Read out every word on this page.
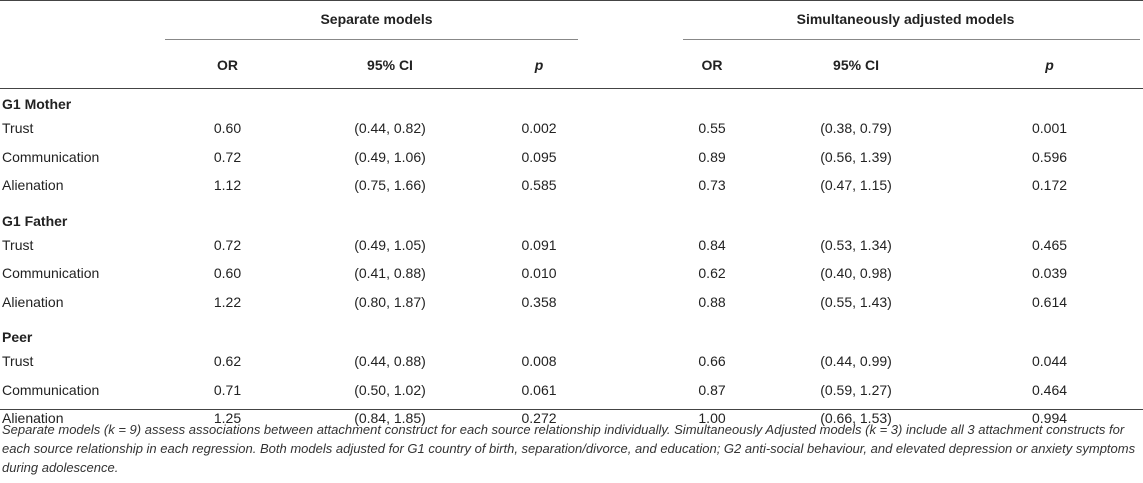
	Separate models				Simultaneously adjusted models		

	OR	95% CI	p		OR	95% CI	p
G1 Mother							
Trust	0.60	(0.44, 0.82)	0.002		0.55	(0.38, 0.79)	0.001
Communication	0.72	(0.49, 1.06)	0.095		0.89	(0.56, 1.39)	0.596
Alienation	1.12	(0.75, 1.66)	0.585		0.73	(0.47, 1.15)	0.172
G1 Father							
Trust	0.72	(0.49, 1.05)	0.091		0.84	(0.53, 1.34)	0.465
Communication	0.60	(0.41, 0.88)	0.010		0.62	(0.40, 0.98)	0.039
Alienation	1.22	(0.80, 1.87)	0.358		0.88	(0.55, 1.43)	0.614
Peer							
Trust	0.62	(0.44, 0.88)	0.008		0.66	(0.44, 0.99)	0.044
Communication	0.71	(0.50, 1.02)	0.061		0.87	(0.59, 1.27)	0.464
Alienation	1.25	(0.84, 1.85)	0.272		1.00	(0.66, 1.53)	0.994
Separate models (k = 9) assess associations between attachment construct for each source relationship individually. Simultaneously Adjusted models (k = 3) include all 3 attachment constructs for each source relationship in each regression. Both models adjusted for G1 country of birth, separation/divorce, and education; G2 anti-social behaviour, and elevated depression or anxiety symptoms during adolescence.
